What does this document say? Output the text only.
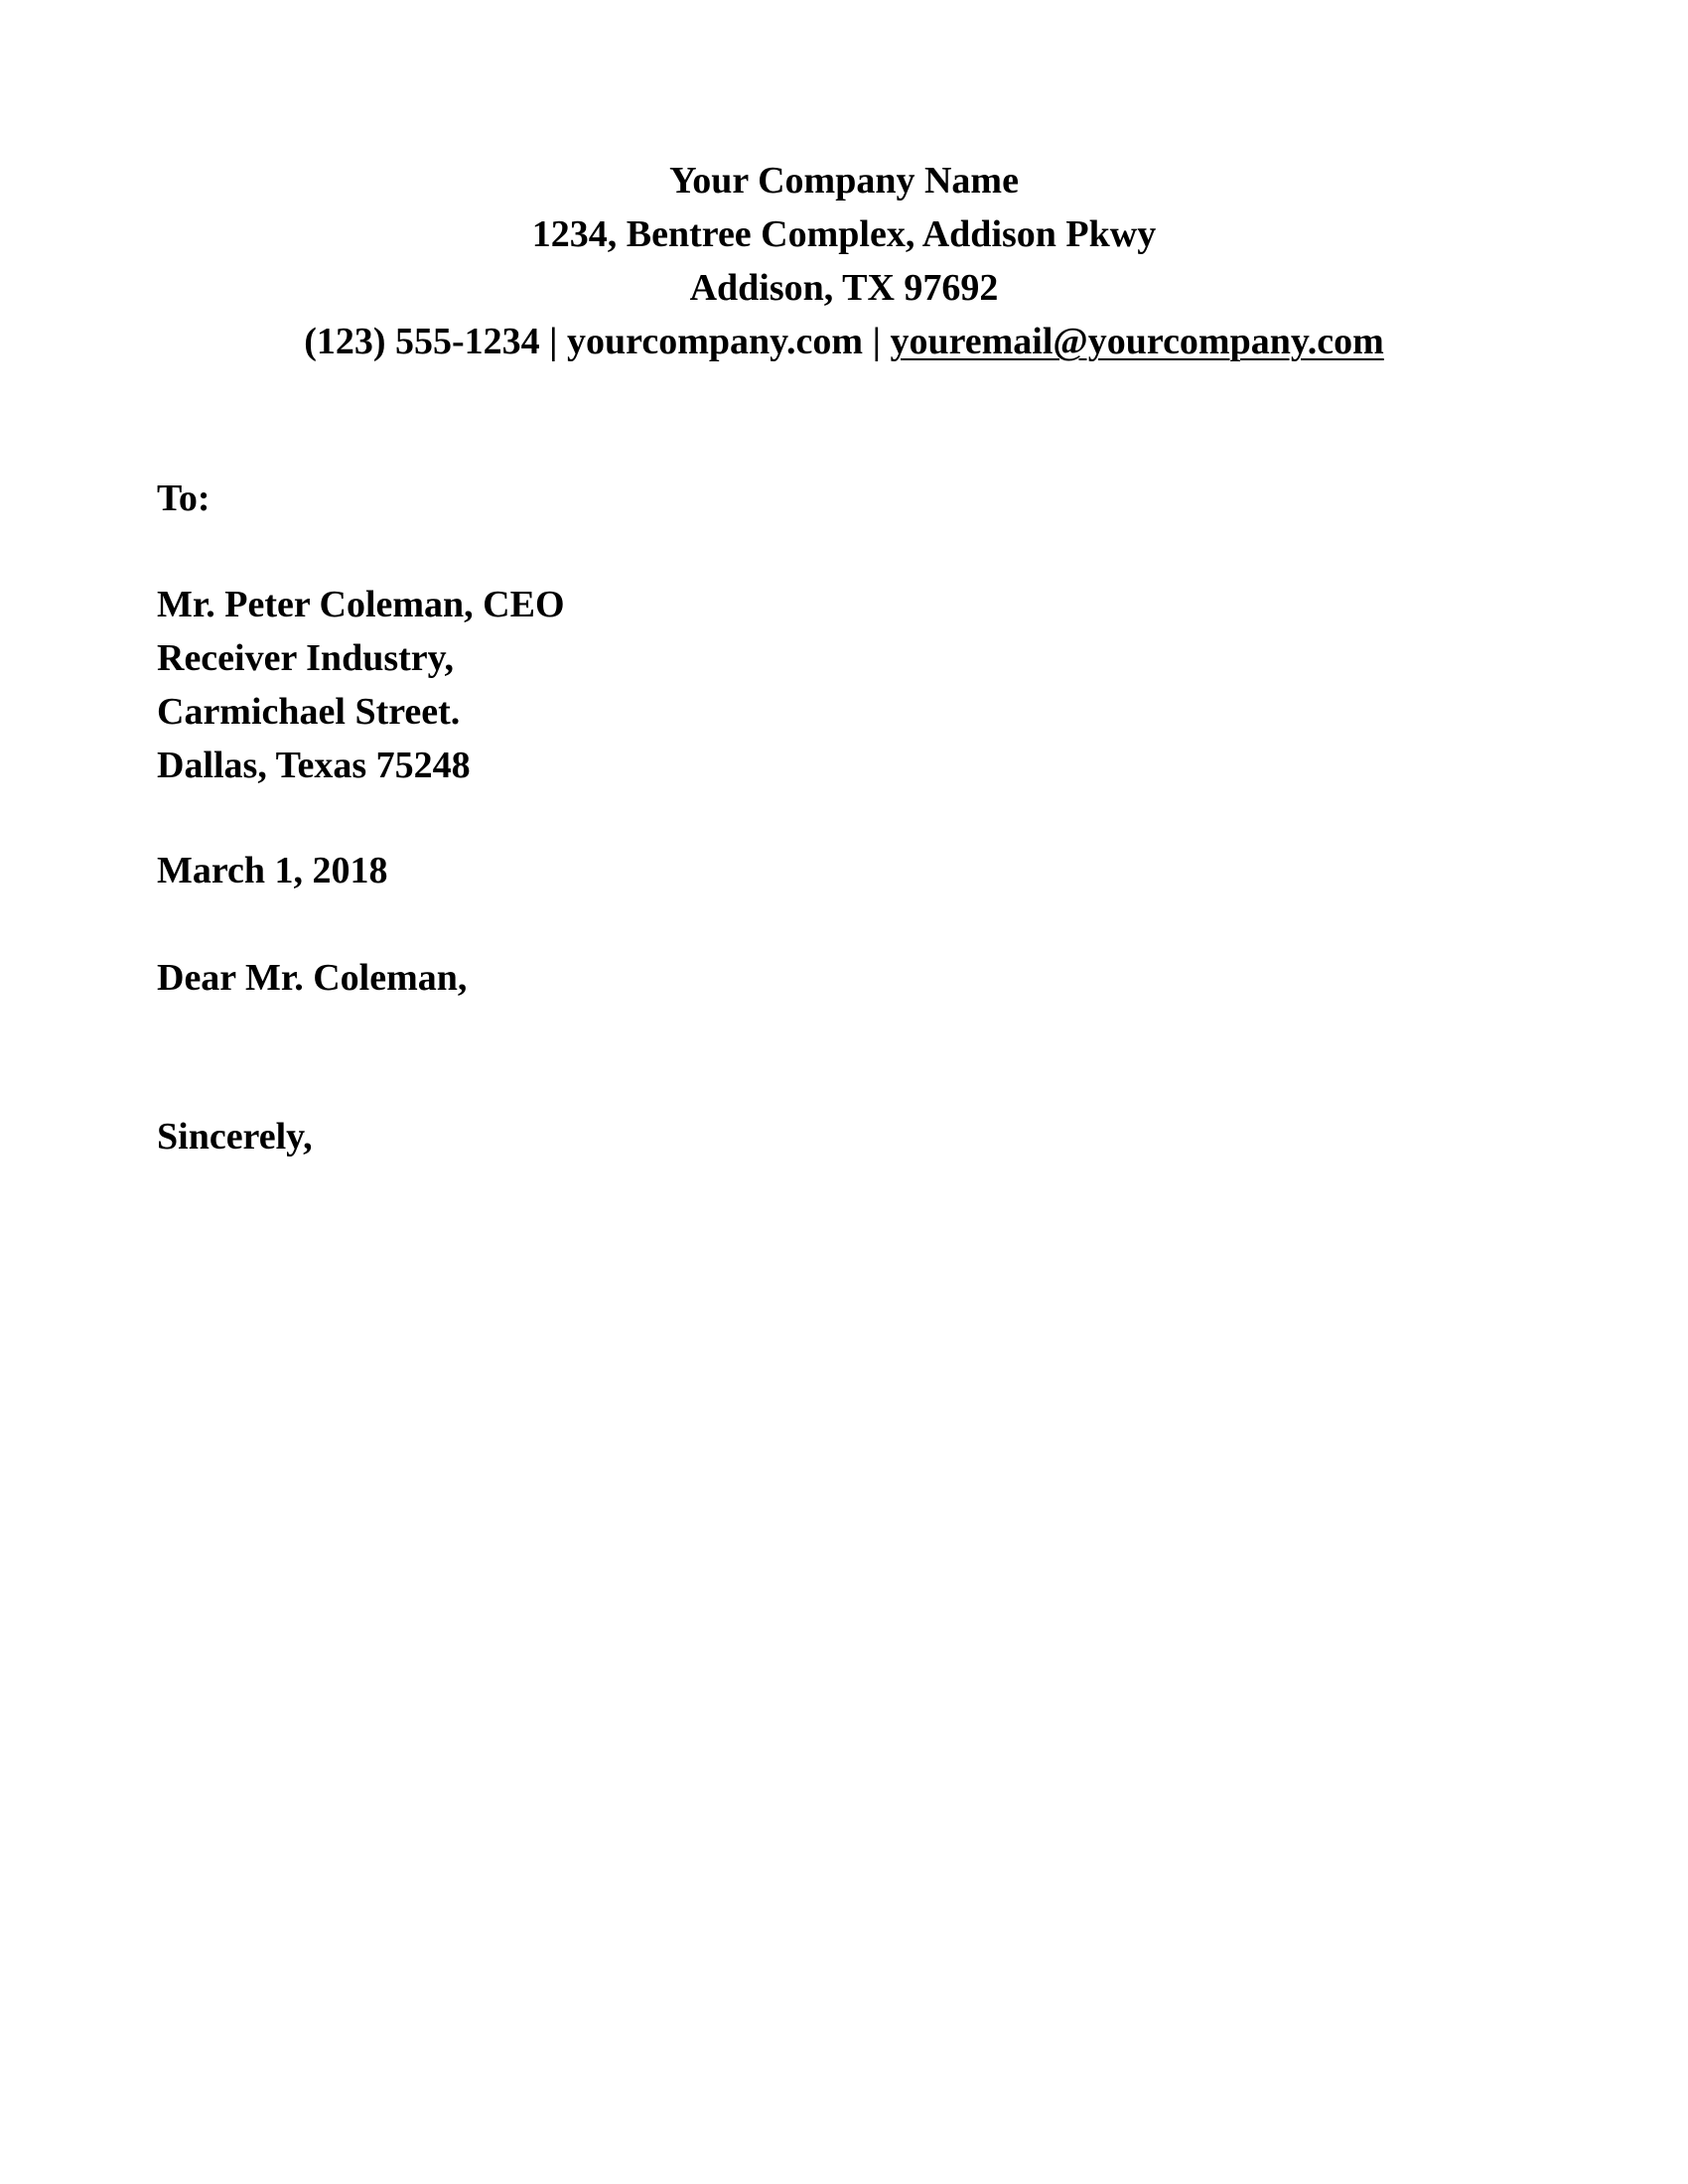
Your Company Name
1234, Bentree Complex, Addison Pkwy
Addison, TX 97692
(123) 555-1234 | yourcompany.com | youremail@yourcompany.com
To:
Mr. Peter Coleman, CEO
Receiver Industry,
Carmichael Street.
Dallas, Texas 75248
March 1, 2018
Dear Mr. Coleman,
Sincerely,
